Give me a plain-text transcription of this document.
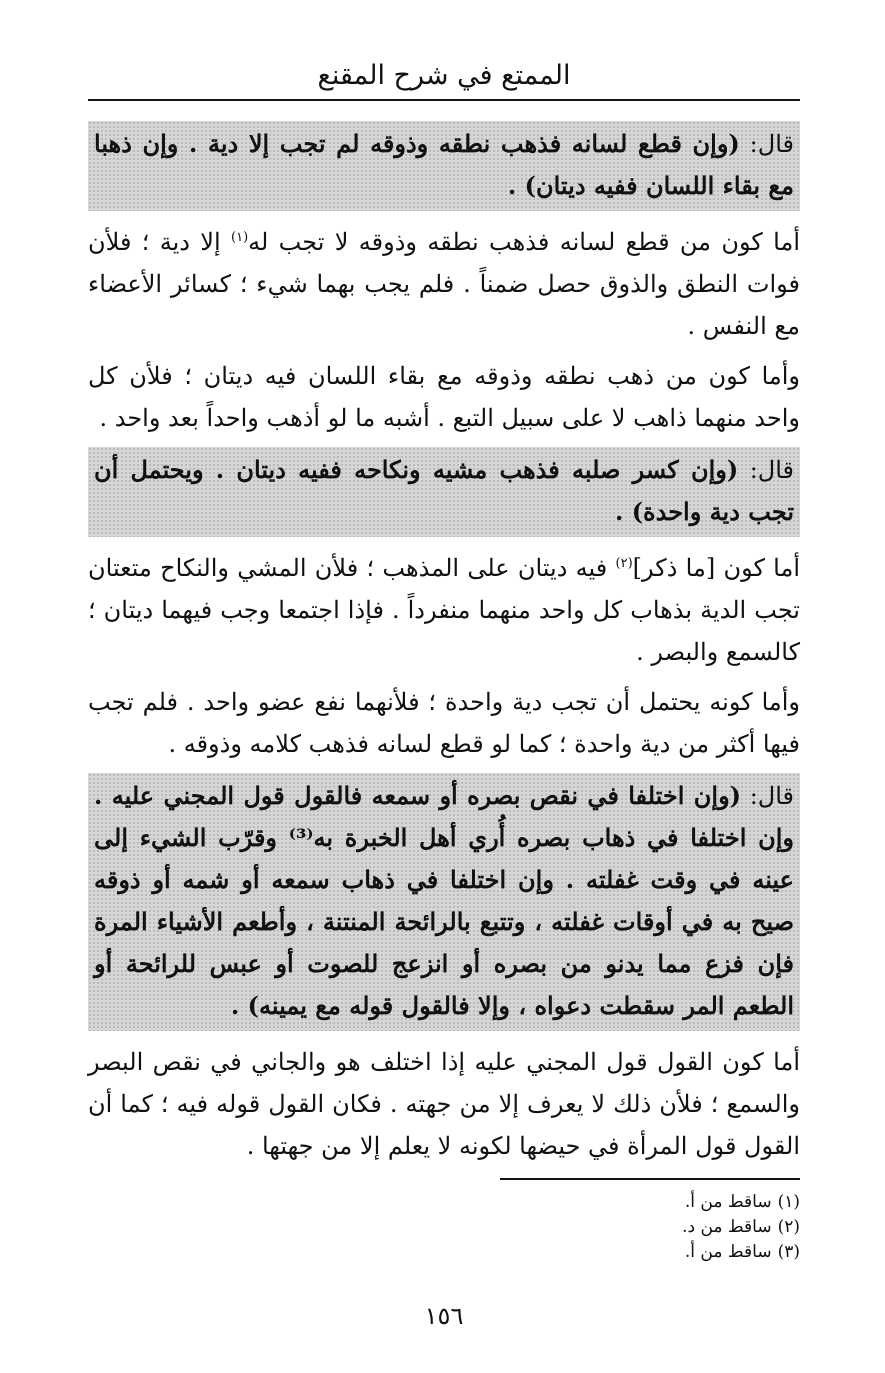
الممتع في شرح المقنع
قال: (وإن قطع لسانه فذهب نطقه وذوقه لم تجب إلا دية . وإن ذهبا مع بقاء اللسان ففيه ديتان) .

أما كون من قطع لسانه فذهب نطقه وذوقه لا تجب له$^{(١)}$ إلا دية ؛ فلأن فوات النطق والذوق حصل ضمناً . فلم يجب بهما شيء ؛ كسائر الأعضاء مع النفس .

وأما كون من ذهب نطقه وذوقه مع بقاء اللسان فيه ديتان ؛ فلأن كل واحد منهما ذاهب لا على سبيل التبع . أشبه ما لو أذهب واحداً بعد واحد .

قال: (وإن كسر صلبه فذهب مشيه ونكاحه ففيه ديتان . ويحتمل أن تجب دية واحدة) .

أما كون [ما ذكر]$^{(٢)}$ فيه ديتان على المذهب ؛ فلأن المشي والنكاح متعتان تجب الدية بذهاب كل واحد منهما منفرداً . فإذا اجتمعا وجب فيهما ديتان ؛ كالسمع والبصر .

وأما كونه يحتمل أن تجب دية واحدة ؛ فلأنهما نفع عضو واحد . فلم تجب فيها أكثر من دية واحدة ؛ كما لو قطع لسانه فذهب كلامه وذوقه .

قال: (وإن اختلفا في نقص بصره أو سمعه فالقول قول المجني عليه . وإن اختلفا في ذهاب بصره أُري أهل الخبرة به⁽³⁾ وقرّب الشيء إلى عينه في وقت غفلته . وإن اختلفا في ذهاب سمعه أو شمه أو ذوقه صيح به في أوقات غفلته ، وتتبع بالرائحة المنتنة ، وأطعم الأشياء المرة فإن فزع مما يدنو من بصره أو انزعج للصوت أو عبس للرائحة أو الطعم المر سقطت دعواه ، وإلا فالقول قوله مع يمينه) .

أما كون القول قول المجني عليه إذا اختلف هو والجاني في نقص البصر والسمع ؛ فلأن ذلك لا يعرف إلا من جهته . فكان القول قوله فيه ؛ كما أن القول قول المرأة في حيضها لكونه لا يعلم إلا من جهتها .

(١)ساقط من أ.
(٢)ساقط من د.
(٣)ساقط من أ.
١٥٦
